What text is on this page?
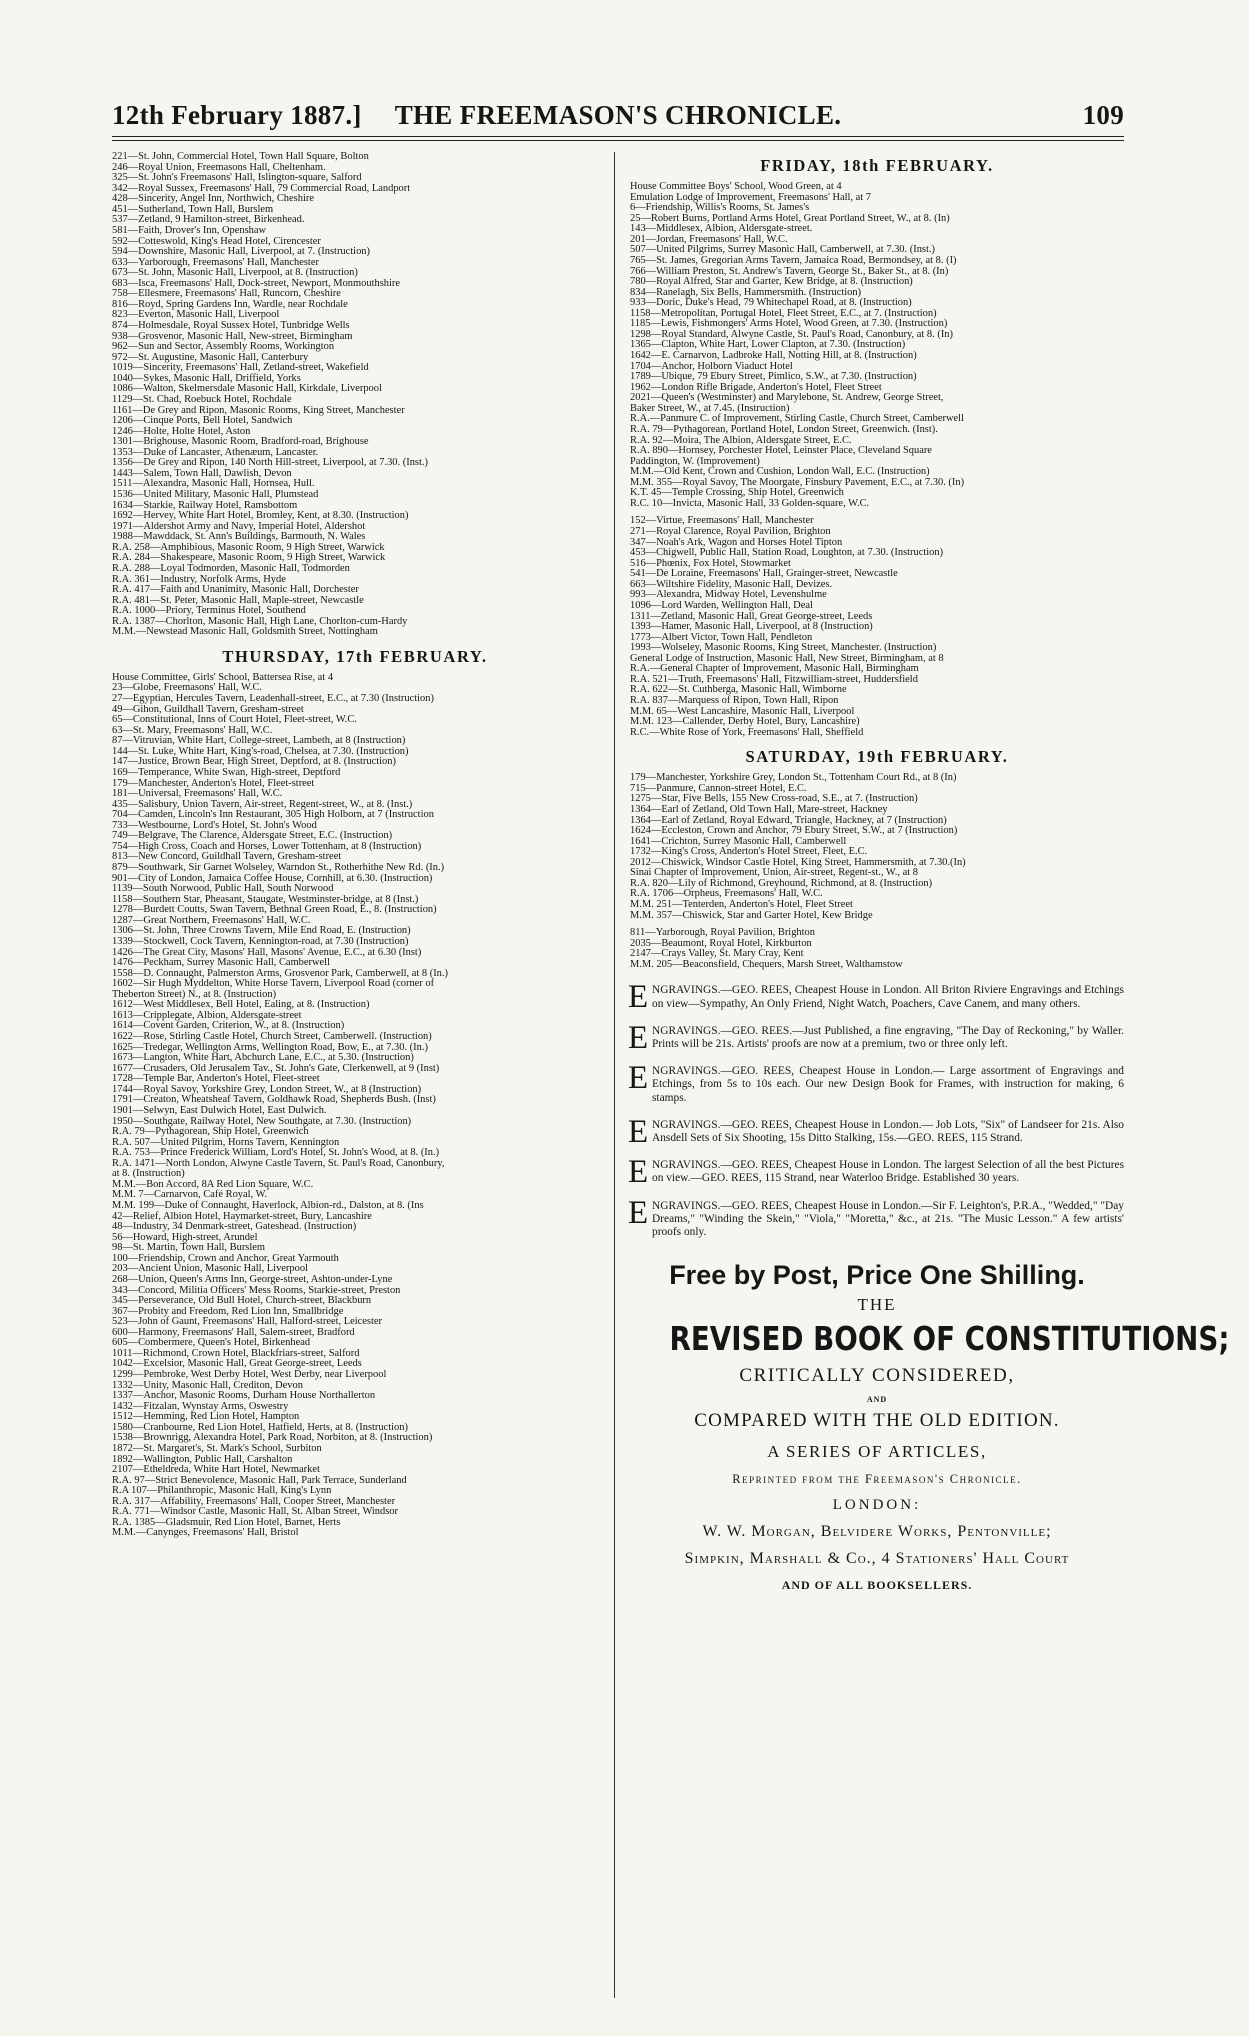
12th February 1887.]	THE FREEMASON'S CHRONICLE.	109
221—St. John, Commercial Hotel, Town Hall Square, Bolton
246—Royal Union, Freemasons Hall, Cheltenham.
325—St. John's Freemasons' Hall, Islington-square, Salford
342—Royal Sussex, Freemasons' Hall, 79 Commercial Road, Landport
428—Sincerity, Angel Inn, Northwich, Cheshire
451—Sutherland, Town Hall, Burslem
537—Zetland, 9 Hamilton-street, Birkenhead.
581—Faith, Drover's Inn, Openshaw
592—Cotteswold, King's Head Hotel, Cirencester
594—Downshire, Masonic Hall, Liverpool, at 7. (Instruction)
633—Yarborough, Freemasons' Hall, Manchester
673—St. John, Masonic Hall, Liverpool, at 8. (Instruction)
683—Isca, Freemasons' Hall, Dock-street, Newport, Monmouthshire
758—Ellesmere, Freemasons' Hall, Runcorn, Cheshire
816—Royd, Spring Gardens Inn, Wardle, near Rochdale
823—Everton, Masonic Hall, Liverpool
874—Holmesdale, Royal Sussex Hotel, Tunbridge Wells
938—Grosvenor, Masonic Hall, New-street, Birmingham
962—Sun and Sector, Assembly Rooms, Workington
972—St. Augustine, Masonic Hall, Canterbury
1019—Sincerity, Freemasons' Hall, Zetland-street, Wakefield
1040—Sykes, Masonic Hall, Driffield, Yorks
1086—Walton, Skelmersdale Masonic Hall, Kirkdale, Liverpool
1129—St. Chad, Roebuck Hotel, Rochdale
1161—De Grey and Ripon, Masonic Rooms, King Street, Manchester
1206—Cinque Ports, Bell Hotel, Sandwich
1246—Holte, Holte Hotel, Aston
1301—Brighouse, Masonic Room, Bradford-road, Brighouse
1353—Duke of Lancaster, Athenæum, Lancaster.
1356—De Grey and Ripon, 140 North Hill-street, Liverpool, at 7.30. (Inst.)
1443—Salem, Town Hall, Dawlish, Devon
1511—Alexandra, Masonic Hall, Hornsea, Hull.
1536—United Military, Masonic Hall, Plumstead
1634—Starkie, Railway Hotel, Ramsbottom
1692—Hervey, White Hart Hotel, Bromley, Kent, at 8.30. (Instruction)
1971—Aldershot Army and Navy, Imperial Hotel, Aldershot
1988—Mawddack, St. Ann's Buildings, Barmouth, N. Wales
R.A. 258—Amphibious, Masonic Room, 9 High Street, Warwick
R.A. 284—Shakespeare, Masonic Room, 9 High Street, Warwick
R.A. 288—Loyal Todmorden, Masonic Hall, Todmorden
R.A. 361—Industry, Norfolk Arms, Hyde
R.A. 417—Faith and Unanimity, Masonic Hall, Dorchester
R.A. 481—St. Peter, Masonic Hall, Maple-street, Newcastle
R.A. 1000—Priory, Terminus Hotel, Southend
R.A. 1387—Chorlton, Masonic Hall, High Lane, Chorlton-cum-Hardy
M.M.—Newstead Masonic Hall, Goldsmith Street, Nottingham
THURSDAY, 17th FEBRUARY.
House Committee, Girls' School, Battersea Rise, at 4
23—Globe, Freemasons' Hall, W.C.
27—Egyptian, Hercules Tavern, Leadenhall-street, E.C., at 7.30 (Instruction)
49—Gihon, Guildhall Tavern, Gresham-street
65—Constitutional, Inns of Court Hotel, Fleet-street, W.C.
63—St. Mary, Freemasons' Hall, W.C.
87—Vitruvian, White Hart, College-street, Lambeth, at 8 (Instruction)
144—St. Luke, White Hart, King's-road, Chelsea, at 7.30. (Instruction)
147—Justice, Brown Bear, High Street, Deptford, at 8. (Instruction)
169—Temperance, White Swan, High-street, Deptford
179—Manchester, Anderton's Hotel, Fleet-street
181—Universal, Freemasons' Hall, W.C.
435—Salisbury, Union Tavern, Air-street, Regent-street, W., at 8. (Inst.)
704—Camden, Lincoln's Inn Restaurant, 305 High Holborn, at 7 (Instruction
733—Westbourne, Lord's Hotel, St. John's Wood
749—Belgrave, The Clarence, Aldersgate Street, E.C. (Instruction)
754—High Cross, Coach and Horses, Lower Tottenham, at 8 (Instruction)
813—New Concord, Guildhall Tavern, Gresham-street
879—Southwark, Sir Garnet Wolseley, Warndon St., Rotherhithe New Rd. (In.)
901—City of London, Jamaica Coffee House, Cornhill, at 6.30. (Instruction)
1139—South Norwood, Public Hall, South Norwood
1158—Southern Star, Pheasant, Staugate, Westminster-bridge, at 8 (Inst.)
1278—Burdett Coutts, Swan Tavern, Bethnal Green Road, E., 8. (Instruction)
1287—Great Northern, Freemasons' Hall, W.C.
1306—St. John, Three Crowns Tavern, Mile End Road, E. (Instruction)
1339—Stockwell, Cock Tavern, Kennington-road, at 7.30 (Instruction)
1426—The Great City, Masons' Hall, Masons' Avenue, E.C., at 6.30 (Inst)
1476—Peckham, Surrey Masonic Hall, Camberwell
1558—D. Connaught, Palmerston Arms, Grosvenor Park, Camberwell, at 8 (In.)
1602—Sir Hugh Myddelton, White Horse Tavern, Liverpool Road (corner of
Theberton Street) N., at 8. (Instruction)
1612—West Middlesex, Bell Hotel, Ealing, at 8. (Instruction)
1613—Cripplegate, Albion, Aldersgate-street
1614—Covent Garden, Criterion, W., at 8. (Instruction)
1622—Rose, Stirling Castle Hotel, Church Street, Camberwell. (Instruction)
1625—Tredegar, Wellington Arms, Wellington Road, Bow, E., at 7.30. (In.)
1673—Langton, White Hart, Abchurch Lane, E.C., at 5.30. (Instruction)
1677—Crusaders, Old Jerusalem Tav., St. John's Gate, Clerkenwell, at 9 (Inst)
1728—Temple Bar, Anderton's Hotel, Fleet-street
1744—Royal Savoy, Yorkshire Grey, London Street, W., at 8 (Instruction)
1791—Creaton, Wheatsheaf Tavern, Goldhawk Road, Shepherds Bush. (Inst)
1901—Selwyn, East Dulwich Hotel, East Dulwich.
1950—Southgate, Railway Hotel, New Southgate, at 7.30. (Instruction)
R.A. 79—Pythagorean, Ship Hotel, Greenwich
R.A. 507—United Pilgrim, Horns Tavern, Kennington
R.A. 753—Prince Frederick William, Lord's Hotel, St. John's Wood, at 8. (In.)
R.A. 1471—North London, Alwyne Castle Tavern, St. Paul's Road, Canonbury,
at 8. (Instruction)
M.M.—Bon Accord, 8A Red Lion Square, W.C.
M.M. 7—Carnarvon, Café Royal, W.
M.M. 199—Duke of Connaught, Haverlock, Albion-rd., Dalston, at 8. (Ins
42—Relief, Albion Hotel, Haymarket-street, Bury, Lancashire
48—Industry, 34 Denmark-street, Gateshead. (Instruction)
56—Howard, High-street, Arundel
98—St. Martin, Town Hall, Burslem
100—Friendship, Crown and Anchor, Great Yarmouth
203—Ancient Union, Masonic Hall, Liverpool
268—Union, Queen's Arms Inn, George-street, Ashton-under-Lyne
343—Concord, Militia Officers' Mess Rooms, Starkie-street, Preston
345—Perseverance, Old Bull Hotel, Church-street, Blackburn
367—Probity and Freedom, Red Lion Inn, Smallbridge
523—John of Gaunt, Freemasons' Hall, Halford-street, Leicester
600—Harmony, Freemasons' Hall, Salem-street, Bradford
605—Combermere, Queen's Hotel, Birkenhead
1011—Richmond, Crown Hotel, Blackfriars-street, Salford
1042—Excelsior, Masonic Hall, Great George-street, Leeds
1299—Pembroke, West Derby Hotel, West Derby, near Liverpool
1332—Unity, Masonic Hall, Crediton, Devon
1337—Anchor, Masonic Rooms, Durham House Northallerton
1432—Fitzalan, Wynstay Arms, Oswestry
1512—Hemming, Red Lion Hotel, Hampton
1580—Cranbourne, Red Lion Hotel, Hatfield, Herts, at 8. (Instruction)
1538—Brownrigg, Alexandra Hotel, Park Road, Norbiton, at 8. (Instruction)
1872—St. Margaret's, St. Mark's School, Surbiton
1892—Wallington, Public Hall, Carshalton
2107—Etheldreda, White Hart Hotel, Newmarket
R.A. 97—Strict Benevolence, Masonic Hall, Park Terrace, Sunderland
R.A 107—Philanthropic, Masonic Hall, King's Lynn
R.A. 317—Affability, Freemasons' Hall, Cooper Street, Manchester
R.A. 771—Windsor Castle, Masonic Hall, St. Alban Street, Windsor
R.A. 1385—Gladsmuir, Red Lion Hotel, Barnet, Herts
M.M.—Canynges, Freemasons' Hall, Bristol
FRIDAY, 18th FEBRUARY.
House Committee Boys' School, Wood Green, at 4
Emulation Lodge of Improvement, Freemasons' Hall, at 7
6—Friendship, Willis's Rooms, St. James's
25—Robert Burns, Portland Arms Hotel, Great Portland Street, W., at 8. (In)
143—Middlesex, Albion, Aldersgate-street.
201—Jordan, Freemasons' Hall, W.C.
507—United Pilgrims, Surrey Masonic Hall, Camberwell, at 7.30. (Inst.)
765—St. James, Gregorian Arms Tavern, Jamaica Road, Bermondsey, at 8. (I)
766—William Preston, St. Andrew's Tavern, George St., Baker St., at 8. (In)
780—Royal Alfred, Star and Garter, Kew Bridge, at 8. (Instruction)
834—Ranelagh, Six Bells, Hammersmith. (Instruction)
933—Doric, Duke's Head, 79 Whitechapel Road, at 8. (Instruction)
1158—Metropolitan, Portugal Hotel, Fleet Street, E.C., at 7. (Instruction)
1185—Lewis, Fishmongers' Arms Hotel, Wood Green, at 7.30. (Instruction)
1298—Royal Standard, Alwyne Castle, St. Paul's Road, Canonbury, at 8. (In)
1365—Clapton, White Hart, Lower Clapton, at 7.30. (Instruction)
1642—E. Carnarvon, Ladbroke Hall, Notting Hill, at 8. (Instruction)
1704—Anchor, Holborn Viaduct Hotel
1789—Ubique, 79 Ebury Street, Pimlico, S.W., at 7.30. (Instruction)
1962—London Rifle Brigade, Anderton's Hotel, Fleet Street
2021—Queen's (Westminster) and Marylebone, St. Andrew, George Street,
Baker Street, W., at 7.45. (Instruction)
R.A.—Panmure C. of Improvement, Stirling Castle, Church Street, Camberwell
R.A. 79—Pythagorean, Portland Hotel, London Street, Greenwich. (Inst).
R.A. 92—Moira, The Albion, Aldersgate Street, E.C.
R.A. 890—Hornsey, Porchester Hotel, Leinster Place, Cleveland Square
Paddington, W. (Improvement)
M.M.—Old Kent, Crown and Cushion, London Wall, E.C. (Instruction)
M.M. 355—Royal Savoy, The Moorgate, Finsbury Pavement, E.C., at 7.30. (In)
K.T. 45—Temple Crossing, Ship Hotel, Greenwich
R.C. 10—Invicta, Masonic Hall, 33 Golden-square, W.C.
152—Virtue, Freemasons' Hall, Manchester
271—Royal Clarence, Royal Pavilion, Brighton
347—Noah's Ark, Wagon and Horses Hotel Tipton
453—Chigwell, Public Hall, Station Road, Loughton, at 7.30. (Instruction)
516—Phœnix, Fox Hotel, Stowmarket
541—De Loraine, Freemasons' Hall, Grainger-street, Newcastle
663—Wiltshire Fidelity, Masonic Hall, Devizes.
993—Alexandra, Midway Hotel, Levenshulme
1096—Lord Warden, Wellington Hall, Deal
1311—Zetland, Masonic Hall, Great George-street, Leeds
1393—Hamer, Masonic Hall, Liverpool, at 8 (Instruction)
1773—Albert Victor, Town Hall, Pendleton
1993—Wolseley, Masonic Rooms, King Street, Manchester. (Instruction)
General Lodge of Instruction, Masonic Hall, New Street, Birmingham, at 8
R.A.—General Chapter of Improvement, Masonic Hall, Birmingham
R.A. 521—Truth, Freemasons' Hall, Fitzwilliam-street, Huddersfield
R.A. 622—St. Cuthberga, Masonic Hall, Wimborne
R.A. 837—Marquess of Ripon, Town Hall, Ripon
M.M. 65—West Lancashire, Masonic Hall, Liverpool
M.M. 123—Callender, Derby Hotel, Bury, Lancashire)
R.C.—White Rose of York, Freemasons' Hall, Sheffield
SATURDAY, 19th FEBRUARY.
179—Manchester, Yorkshire Grey, London St., Tottenham Court Rd., at 8 (In)
715—Panmure, Cannon-street Hotel, E.C.
1275—Star, Five Bells, 155 New Cross-road, S.E., at 7. (Instruction)
1364—Earl of Zetland, Old Town Hall, Mare-street, Hackney
1364—Earl of Zetland, Royal Edward, Triangle, Hackney, at 7 (Instruction)
1624—Eccleston, Crown and Anchor, 79 Ebury Street, S.W., at 7 (Instruction)
1641—Crichton, Surrey Masonic Hall, Camberwell
1732—King's Cross, Anderton's Hotel Street, Fleet, E.C.
2012—Chiswick, Windsor Castle Hotel, King Street, Hammersmith, at 7.30.(In)
Sinai Chapter of Improvement, Union, Air-street, Regent-st., W., at 8
R.A. 820—Lily of Richmond, Greyhound, Richmond, at 8. (Instruction)
R.A. 1706—Orpheus, Freemasons' Hall, W.C.
M.M. 251—Tenterden, Anderton's Hotel, Fleet Street
M.M. 357—Chiswick, Star and Garter Hotel, Kew Bridge
811—Yarborough, Royal Pavilion, Brighton
2035—Beaumont, Royal Hotel, Kirkburton
2147—Crays Valley, St. Mary Cray, Kent
M.M. 205—Beaconsfield, Chequers, Marsh Street, Walthamstow
E NGRAVINGS.—GEO. REES, Cheapest House in London. All Briton Riviere Engravings and Etchings on view—Sympathy, An Only Friend, Night Watch, Poachers, Cave Canem, and many others.
E NGRAVINGS.—GEO. REES.—Just Published, a fine engraving, "The Day of Reckoning," by Waller. Prints will be 21s. Artists' proofs are now at a premium, two or three only left.
E NGRAVINGS.—GEO. REES, Cheapest House in London.— Large assortment of Engravings and Etchings, from 5s to 10s each. Our new Design Book for Frames, with instruction for making, 6 stamps.
E NGRAVINGS.—GEO. REES, Cheapest House in London.— Job Lots, "Six" of Landseer for 21s. Also Ansdell Sets of Six Shooting, 15s Ditto Stalking, 15s.—GEO. REES, 115 Strand.
E NGRAVINGS.—GEO. REES, Cheapest House in London. The largest Selection of all the best Pictures on view.—GEO. REES, 115 Strand, near Waterloo Bridge. Established 30 years.
E NGRAVINGS.—GEO. REES, Cheapest House in London.—Sir F. Leighton's, P.R.A., "Wedded," "Day Dreams," "Winding the Skein," "Viola," "Moretta," &c., at 21s. "The Music Lesson." A few artists' proofs only.
Free by Post, Price One Shilling.
THE
REVISED BOOK OF CONSTITUTIONS;
CRITICALLY CONSIDERED,
AND
COMPARED WITH THE OLD EDITION.
A SERIES OF ARTICLES,
Reprinted from the Freemason's Chronicle.
LONDON:
W. W. Morgan, Belvidere Works, Pentonville;
Simpkin, Marshall & Co., 4 Stationers' Hall Court
AND OF ALL BOOKSELLERS.
